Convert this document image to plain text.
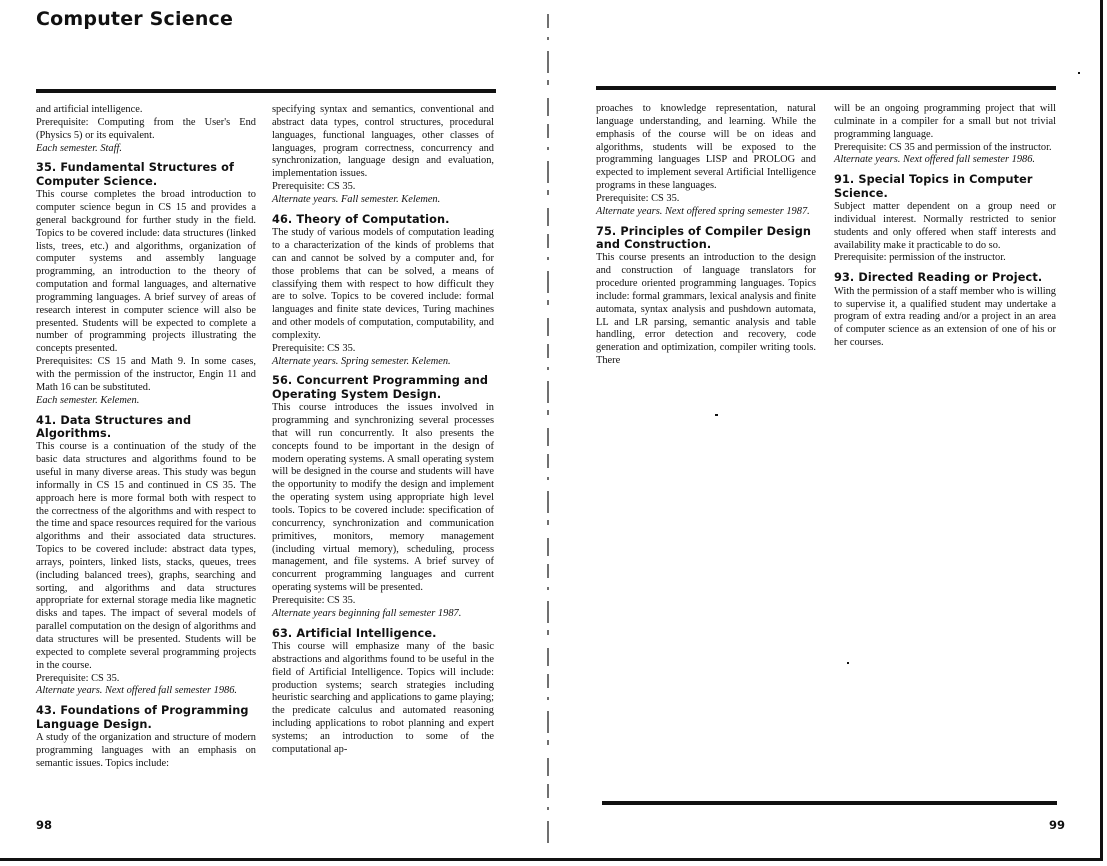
Computer Science

and artificial intelligence.

Prerequisite: Computing from the User's End (Physics 5) or its equivalent.

Each semester. Staff.

35. Fundamental Structures of Computer Science.

This course completes the broad introduction to computer science begun in CS 15 and provides a general background for further study in the field. Topics to be covered include: data structures (linked lists, trees, etc.) and algorithms, organization of computer systems and assembly language programming, an introduction to the theory of computation and formal languages, and alternative programming languages. A brief survey of areas of research interest in computer science will also be presented. Students will be expected to complete a number of programming projects illustrating the concepts presented.

Prerequisites: CS 15 and Math 9. In some cases, with the permission of the instructor, Engin 11 and Math 16 can be substituted.

Each semester. Kelemen.

41. Data Structures and Algorithms.

This course is a continuation of the study of the basic data structures and algorithms found to be useful in many diverse areas. This study was begun informally in CS 15 and continued in CS 35. The approach here is more formal both with respect to the correctness of the algorithms and with respect to the time and space resources required for the various algorithms and their associated data structures. Topics to be covered include: abstract data types, arrays, pointers, linked lists, stacks, queues, trees (including balanced trees), graphs, searching and sorting, and algorithms and data structures appropriate for external storage media like magnetic disks and tapes. The impact of several models of parallel computation on the design of algorithms and data structures will be presented. Students will be expected to complete several programming projects in the course.

Prerequisite: CS 35.

Alternate years. Next offered fall semester 1986.

43. Foundations of Programming Language Design.

A study of the organization and structure of modern programming languages with an emphasis on semantic issues. Topics include:

specifying syntax and semantics, conventional and abstract data types, control structures, procedural languages, functional languages, other classes of languages, program correctness, concurrency and synchronization, language design and evaluation, implementation issues.

Prerequisite: CS 35.

Alternate years. Fall semester. Kelemen.

46. Theory of Computation.

The study of various models of computation leading to a characterization of the kinds of problems that can and cannot be solved by a computer and, for those problems that can be solved, a means of classifying them with respect to how difficult they are to solve. Topics to be covered include: formal languages and finite state devices, Turing machines and other models of computation, computability, and complexity.

Prerequisite: CS 35.

Alternate years. Spring semester. Kelemen.

56. Concurrent Programming and Operating System Design.

This course introduces the issues involved in programming and synchronizing several processes that will run concurrently. It also presents the concepts found to be important in the design of modern operating systems. A small operating system will be designed in the course and students will have the opportunity to modify the design and implement the operating system using appropriate high level tools. Topics to be covered include: specification of concurrency, synchronization and communication primitives, monitors, memory management (including virtual memory), scheduling, process management, and file systems. A brief survey of concurrent programming languages and current operating systems will be presented.

Prerequisite: CS 35.

Alternate years beginning fall semester 1987.

63. Artificial Intelligence.

This course will emphasize many of the basic abstractions and algorithms found to be useful in the field of Artificial Intelligence. Topics will include: production systems; search strategies including heuristic searching and applications to game playing; the predicate calculus and automated reasoning including applications to robot planning and expert systems; an introduction to some of the computational ap-

proaches to knowledge representation, natural language understanding, and learning. While the emphasis of the course will be on ideas and algorithms, students will be exposed to the programming languages LISP and PROLOG and expected to implement several Artificial Intelligence programs in these languages.

Prerequisite: CS 35.

Alternate years. Next offered spring semester 1987.

75. Principles of Compiler Design and Construction.

This course presents an introduction to the design and construction of language translators for procedure oriented programming languages. Topics include: formal grammars, lexical analysis and finite automata, syntax analysis and pushdown automata, LL and LR parsing, semantic analysis and table handling, error detection and recovery, code generation and optimization, compiler writing tools. There

will be an ongoing programming project that will culminate in a compiler for a small but not trivial programming language.

Prerequisite: CS 35 and permission of the instructor.

Alternate years. Next offered fall semester 1986.

91. Special Topics in Computer Science.

Subject matter dependent on a group need or individual interest. Normally restricted to senior students and only offered when staff interests and availability make it practicable to do so.

Prerequisite: permission of the instructor.

93. Directed Reading or Project.

With the permission of a staff member who is willing to supervise it, a qualified student may undertake a program of extra reading and/or a project in an area of computer science as an extension of one of his or her courses.

98	99
